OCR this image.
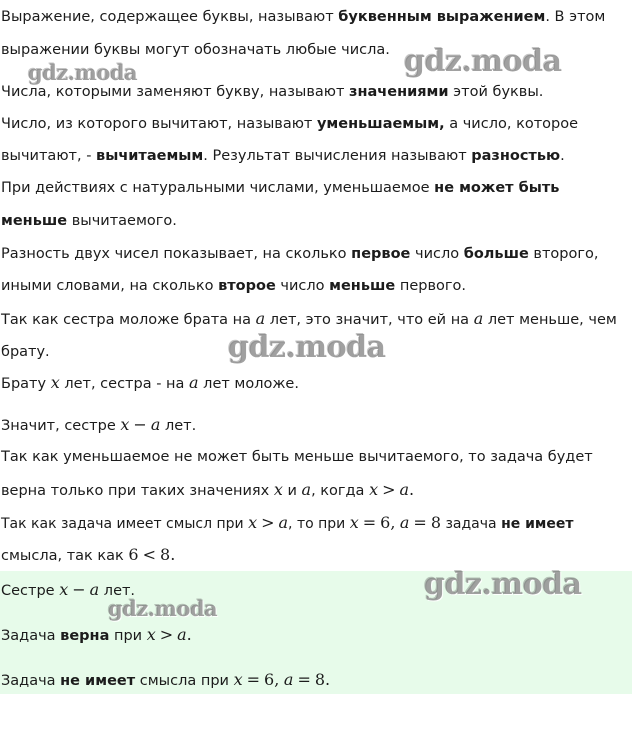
Выражение, содержащее буквы, называют буквенным выражением. В этом
выражении буквы могут обозначать любые числа.
Числа, которыми заменяют букву, называют значениями этой буквы.
Число, из которого вычитают, называют уменьшаемым, а число, которое
вычитают, - вычитаемым. Результат вычисления называют разностью.
При действиях с натуральными числами, уменьшаемое не может быть
меньше вычитаемого.
Разность двух чисел показывает, на сколько первое число больше второго,
иными словами, на сколько второе число меньше первого.
Так как сестра моложе брата на a лет, это значит, что ей на a лет меньше, чем
брату.
Брату x лет, сестра - на a лет моложе.
Значит, сестре x − a лет.
Так как уменьшаемое не может быть меньше вычитаемого, то задача будет
верна только при таких значениях x и a, когда x > a.
Так как задача имеет смысл при x > a, то при x = 6, a = 8 задача не имеет
смысла, так как 6 < 8.
Сестре x − a лет.
Задача верна при x > a.
Задача не имеет смысла при x = 6, a = 8.
gdz.moda	gdz.moda
gdz.moda
gdz.moda
gdz.moda
